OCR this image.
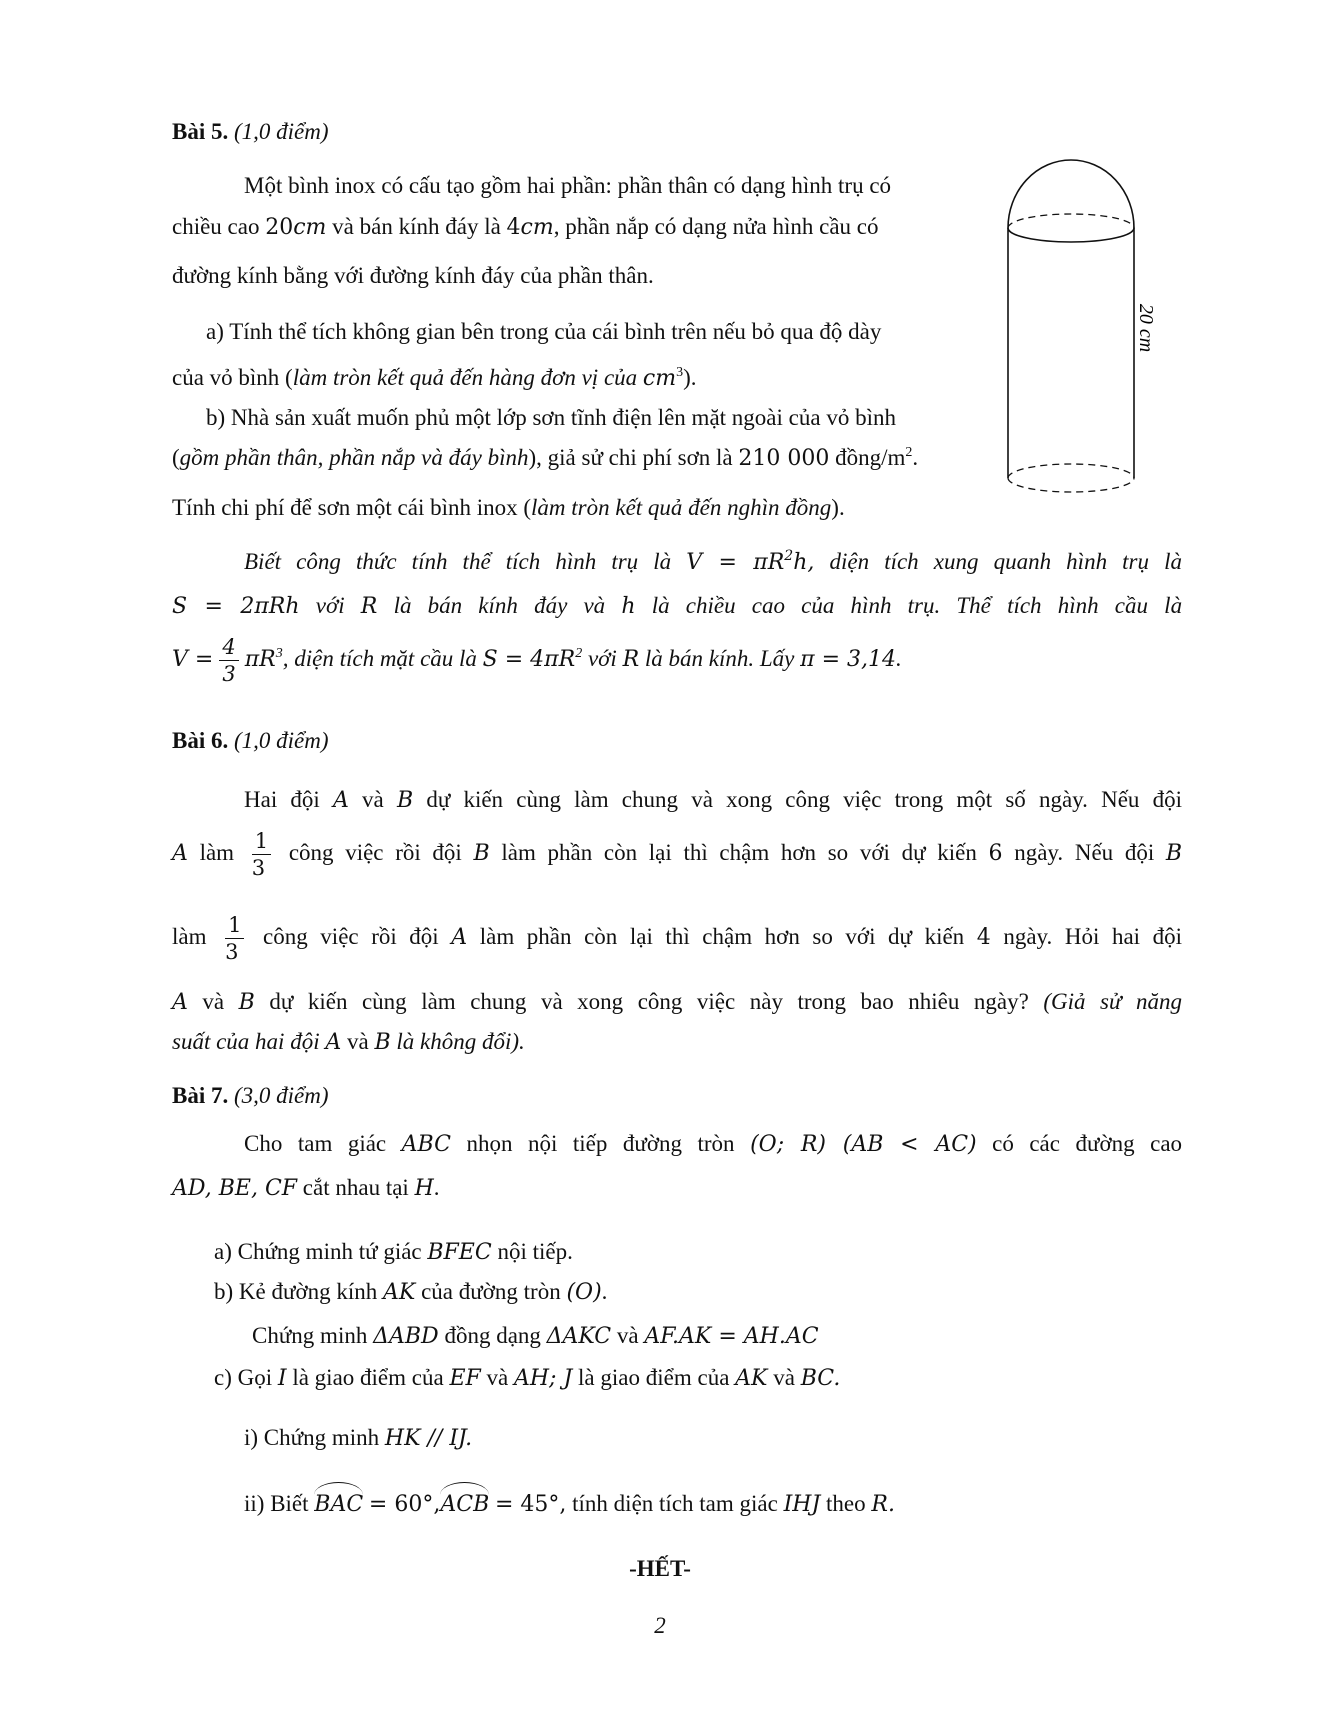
Bài 5. (1,0 điểm)
Một bình inox có cấu tạo gồm hai phần: phần thân có dạng hình trụ có
chiều cao 20cm và bán kính đáy là 4cm, phần nắp có dạng nửa hình cầu có
đường kính bằng với đường kính đáy của phần thân.
a) Tính thể tích không gian bên trong của cái bình trên nếu bỏ qua độ dày
của vỏ bình (làm tròn kết quả đến hàng đơn vị của $cm^3$).
b) Nhà sản xuất muốn phủ một lớp sơn tĩnh điện lên mặt ngoài của vỏ bình
(gồm phần thân, phần nắp và đáy bình), giả sử chi phí sơn là 210 000 đồng/$m^2$.
Tính chi phí để sơn một cái bình inox (làm tròn kết quả đến nghìn đồng).
Biết công thức tính thể tích hình trụ là $V = \pi R^2h$, diện tích xung quanh hình trụ là
S = 2πRh với R là bán kính đáy và h là chiều cao của hình trụ. Thể tích hình cầu là
$V = \frac{4}{3} \pi R^3$, diện tích mặt cầu là $S = 4\pi R^2$ với R là bán kính. Lấy π = 3,14.
20 cm
Bài 6. (1,0 điểm)
Hai đội A và B dự kiến cùng làm chung và xong công việc trong một số ngày. Nếu đội
A làm $\frac{1}{3}$ công việc rồi đội B làm phần còn lại thì chậm hơn so với dự kiến 6 ngày. Nếu đội B
làm $\frac{1}{3}$ công việc rồi đội A làm phần còn lại thì chậm hơn so với dự kiến 4 ngày. Hỏi hai đội
A và B dự kiến cùng làm chung và xong công việc này trong bao nhiêu ngày? (Giả sử năng
suất của hai đội A và B là không đổi).
Bài 7. (3,0 điểm)
Cho tam giác ABC nhọn nội tiếp đường tròn (O; R) (AB < AC) có các đường cao
AD, BE, CF cắt nhau tại H.
a) Chứng minh tứ giác BFEC nội tiếp.
b) Kẻ đường kính AK của đường tròn (O).
Chứng minh ΔABD đồng dạng ΔAKC và AF.AK = AH.AC
c) Gọi I là giao điểm của EF và AH; J là giao điểm của AK và BC.
i) Chứng minh HK // IJ.
ii) Biết BAC = 60°,ACB = 45°, tính diện tích tam giác IHJ theo R.
-HẾT-
2
